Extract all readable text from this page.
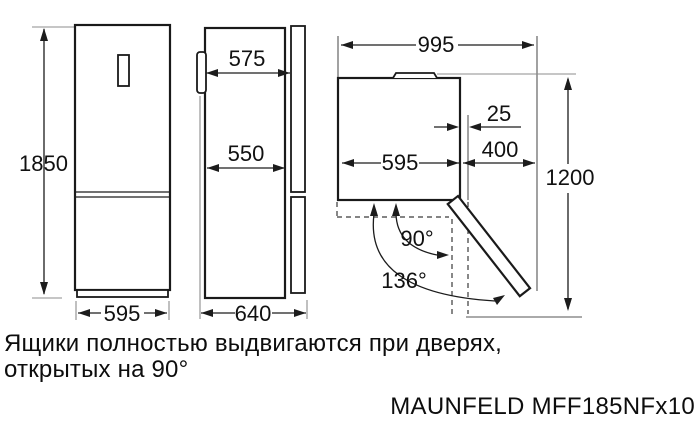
1850
595
575
550
640
995
25
400
595
1200
90°
136°
Ящики полностью выдвигаются при дверях,
открытых на 90°
MAUNFELD MFF185NFx10
